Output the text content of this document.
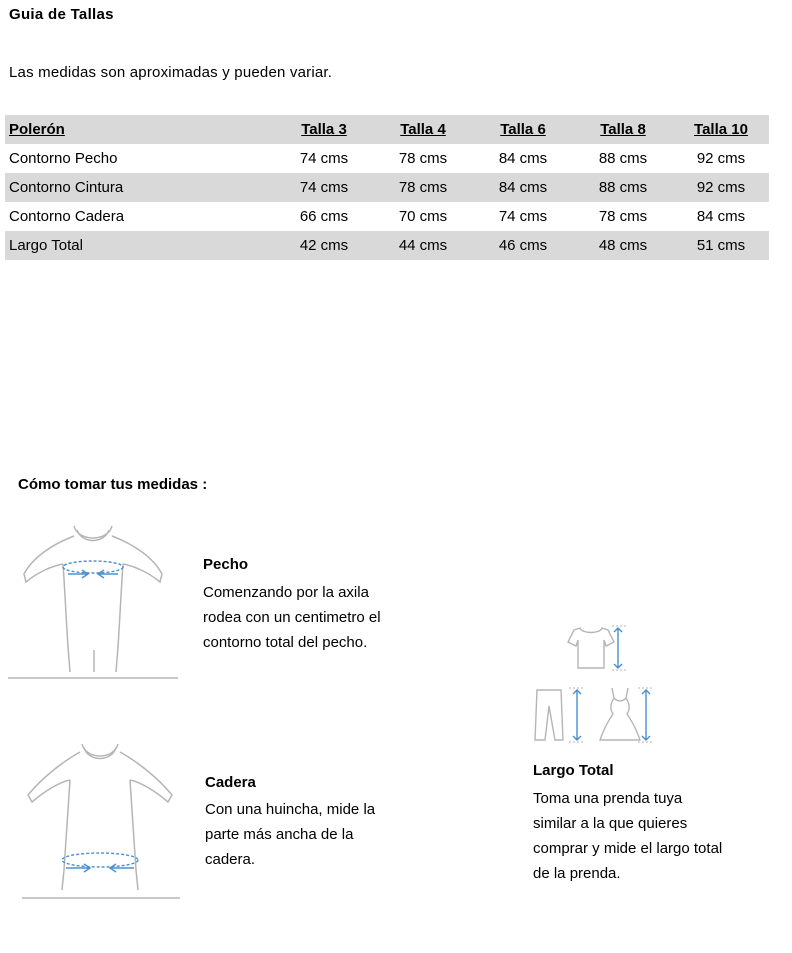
Guia de Tallas
Las medidas son aproximadas y pueden variar.
Polerón	Talla 3	Talla 4	Talla 6	Talla 8	Talla 10
Contorno Pecho	74 cms	78 cms	84 cms	88 cms	92 cms
Contorno Cintura	74 cms	78 cms	84 cms	88 cms	92 cms
Contorno Cadera	66 cms	70 cms	74 cms	78 cms	84 cms
Largo Total	42 cms	44 cms	46 cms	48 cms	51 cms
Cómo tomar tus medidas :
Pecho
Comenzando por la axila
rodea con un centimetro el
contorno total del pecho.
Cadera
Con una huincha, mide la
parte más ancha de la
cadera.
Largo Total
Toma una prenda tuya
similar a la que quieres
comprar y mide el largo total
de la prenda.
